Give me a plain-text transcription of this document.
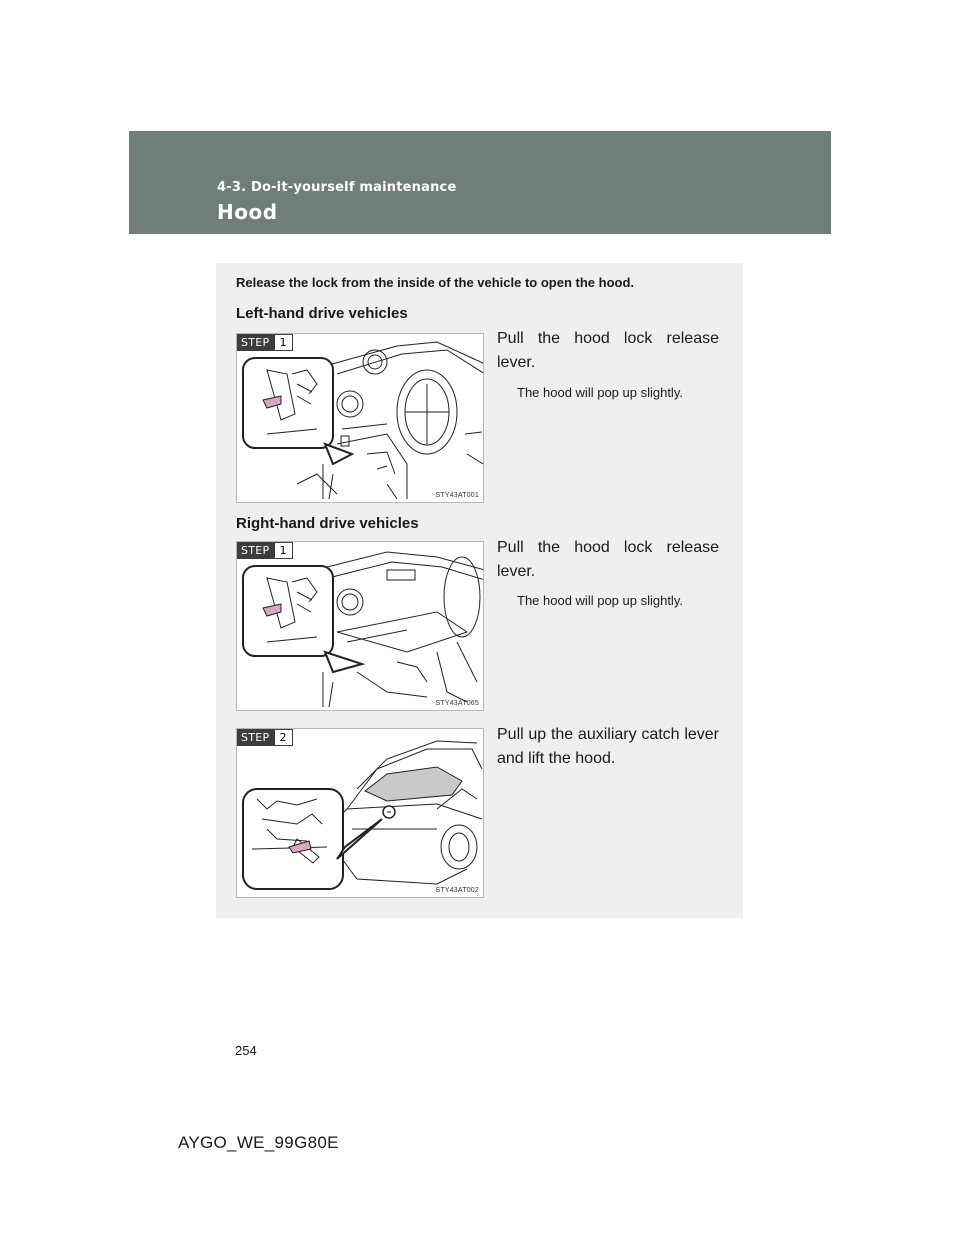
4-3. Do-it-yourself maintenance
Hood
Release the lock from the inside of the vehicle to open the hood.
Left-hand drive vehicles
STEP 1
STY43AT001
Pull the hood lock release lever.
The hood will pop up slightly.
Right-hand drive vehicles
STEP 1
STY43AT065
Pull the hood lock release lever.
The hood will pop up slightly.
STEP 2
STY43AT002
Pull up the auxiliary catch lever and lift the hood.
254
AYGO_WE_99G80E
